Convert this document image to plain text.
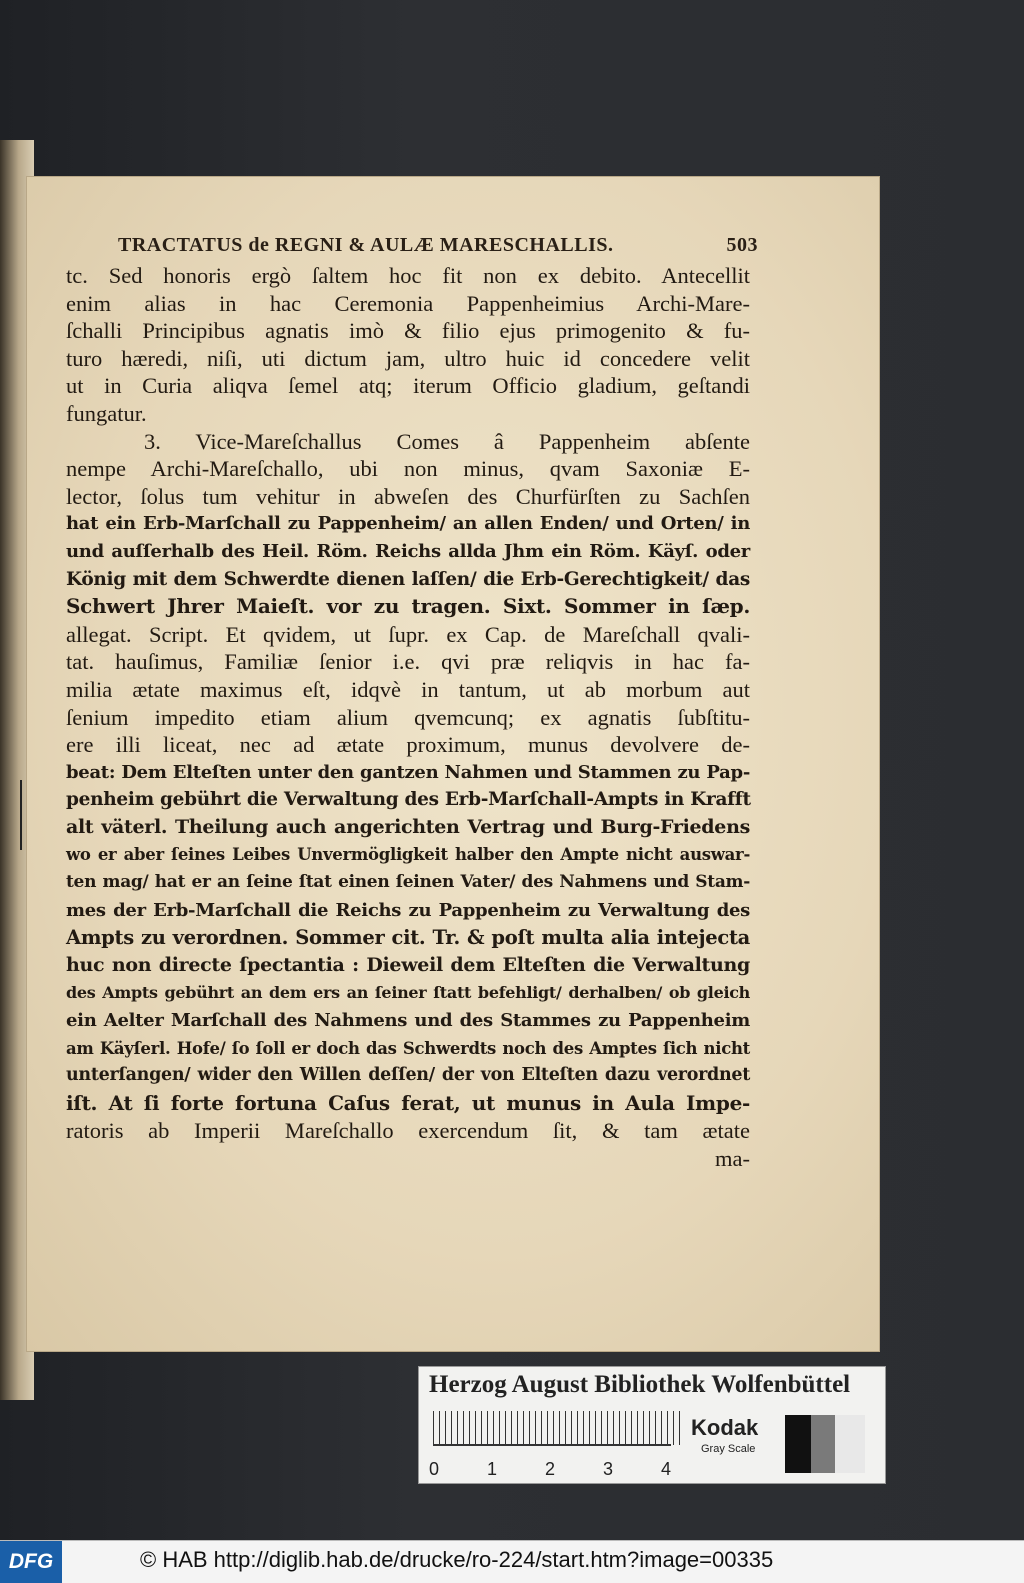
TRACTATUS de REGNI & AULÆ MARESCHALLIS.	503
tc. Sed honoris ergò ſaltem hoc fit non ex debito. Antecellit
enim alias in hac Ceremonia Pappenheimius Archi-Mare-
ſchalli Principibus agnatis imò & filio ejus primogenito & fu-
turo hæredi, niſi, uti dictum jam, ultro huic id concedere velit
ut in Curia aliqva ſemel atq; iterum Officio gladium, geſtandi
fungatur.
3. Vice-Mareſchallus Comes â Pappenheim abſente
nempe Archi-Mareſchallo, ubi non minus, qvam Saxoniæ E-
lector, ſolus tum vehitur in abweſen des Churfürſten zu Sachſen
hat ein Erb-Marſchall zu Pappenheim/ an allen Enden/ und Orten/ in
und auſſerhalb des Heil. Röm. Reichs allda Jhm ein Röm. Käyſ. oder
König mit dem Schwerdte dienen laſſen/ die Erb-Gerechtigkeit/ das
Schwert Jhrer Maieſt. vor zu tragen. Sixt. Sommer in ſæp.
allegat. Script. Et qvidem, ut ſupr. ex Cap. de Mareſchall qvali-
tat. hauſimus, Familiæ ſenior i.e. qvi præ reliqvis in hac fa-
milia ætate maximus eſt, idqvè in tantum, ut ab morbum aut
ſenium impedito etiam alium qvemcunq; ex agnatis ſubſtitu-
ere illi liceat, nec ad ætate proximum, munus devolvere de-
beat: Dem Elteſten unter den gantzen Nahmen und Stammen zu Pap-
penheim gebührt die Verwaltung des Erb-Marſchall-Ampts in Krafft
alt väterl. Theilung auch angerichten Vertrag und Burg-Friedens
wo er aber ſeines Leibes Unvermögligkeit halber den Ampte nicht auswar-
ten mag/ hat er an ſeine ſtat einen ſeinen Vater/ des Nahmens und Stam-
mes der Erb-Marſchall die Reichs zu Pappenheim zu Verwaltung des
Ampts zu verordnen. Sommer cit. Tr. & poſt multa alia intejecta
huc non directe ſpectantia : Dieweil dem Elteſten die Verwaltung
des Ampts gebührt an dem ers an ſeiner ſtatt befehligt/ derhalben/ ob gleich
ein Aelter Marſchall des Nahmens und des Stammes zu Pappenheim
am Käyſerl. Hofe/ ſo ſoll er doch das Schwerdts noch des Amptes ſich nicht
unterſangen/ wider den Willen deſſen/ der von Elteſten dazu verordnet
iſt. At ſi forte fortuna Caſus ferat, ut munus in Aula Impe-
ratoris ab Imperii Mareſchallo exercendum ſit, & tam ætate
ma-
Herzog August Bibliothek Wolfenbüttel
0	1	2	3	4
Kodak
Gray Scale
DFG	© HAB http://diglib.hab.de/drucke/ro-224/start.htm?image=00335
